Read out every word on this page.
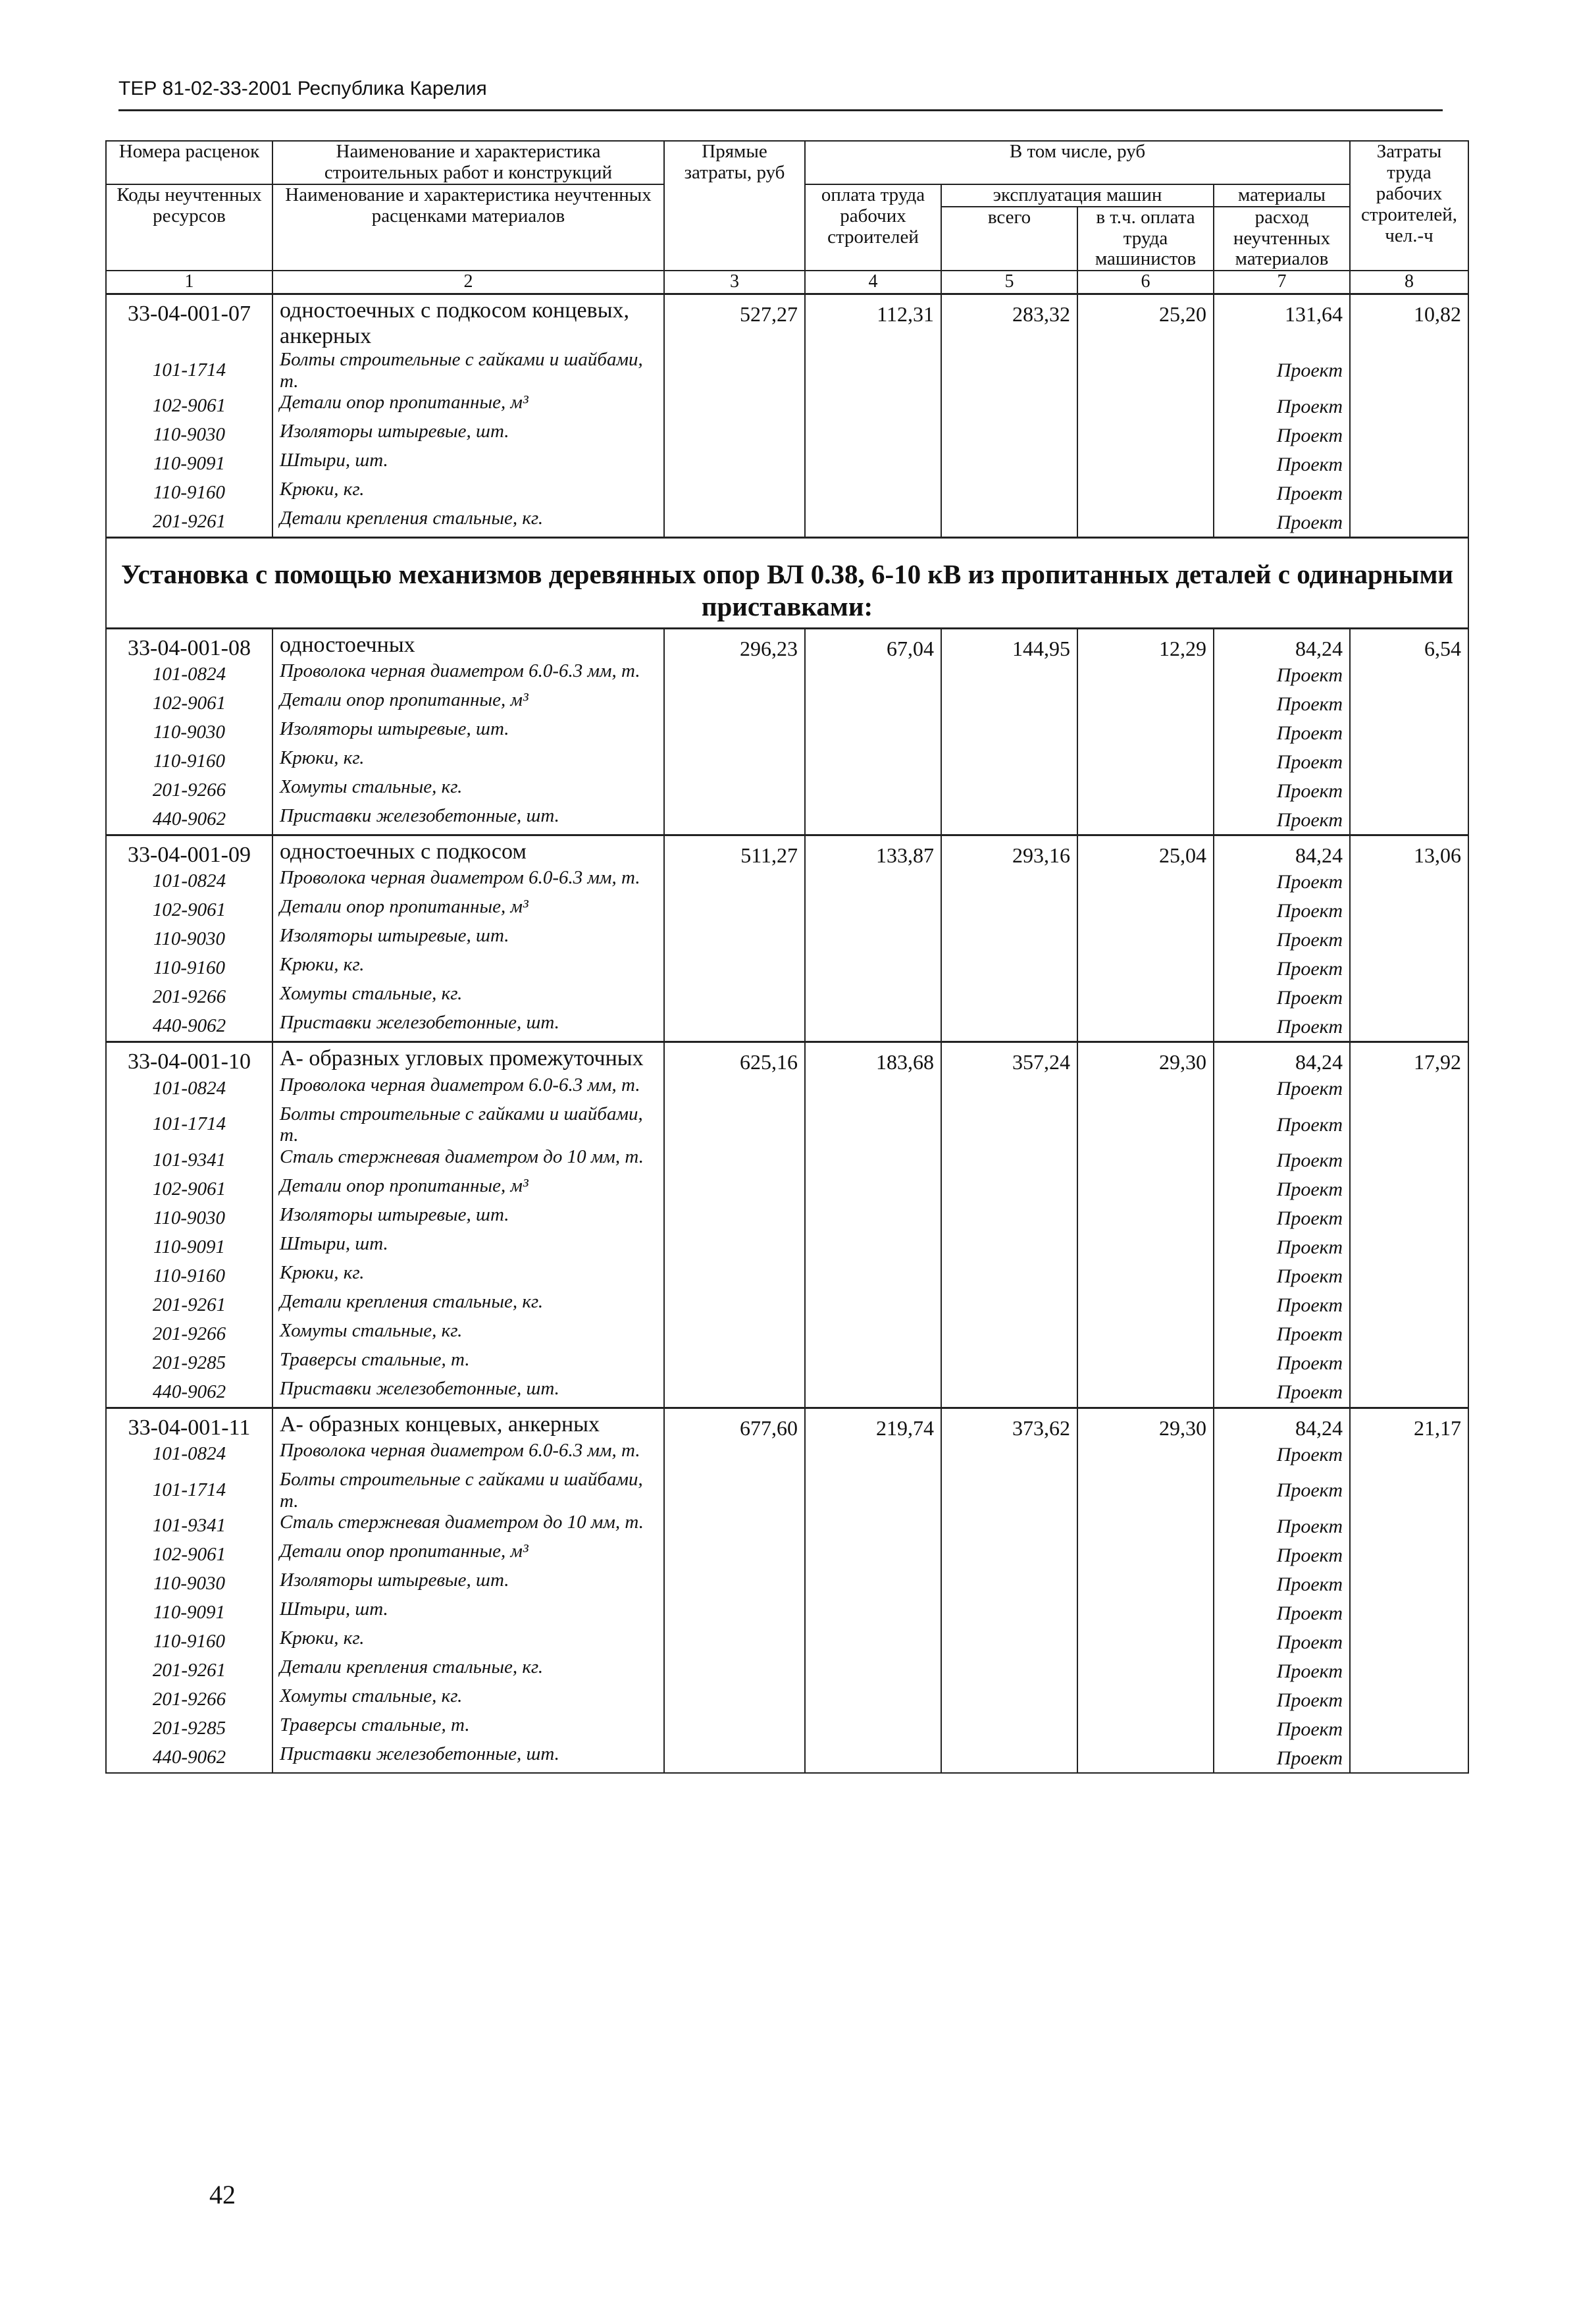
ТЕР 81-02-33-2001 Республика Карелия
Номера расценок	Наименование и характеристика строительных работ и конструкций	Прямые затраты, руб	В том числе, руб				Затраты труда рабочих строителей, чел.-ч
Коды неучтенных ресурсов	Наименование и характеристика неучтенных расценками материалов		оплата труда рабочих строителей	эксплуатация машин		материалы	
				всего	в т.ч. оплата труда машинистов	расход неучтенных материалов	
1	2	3	4	5	6	7	8
33-04-001-07	одностоечных с подкосом концевых, анкерных	527,27	112,31	283,32	25,20	131,64	10,82
101-1714	Болты строительные с гайками и шайбами, т.					Проект	
102-9061	Детали опор пропитанные, м³					Проект	
110-9030	Изоляторы штыревые, шт.					Проект	
110-9091	Штыри, шт.					Проект	
110-9160	Крюки, кг.					Проект	
201-9261	Детали крепления стальные, кг.					Проект	
Установка с помощью механизмов деревянных опор ВЛ 0.38, 6-10 кВ из пропитанных деталей с одинарными приставками:							
33-04-001-08	одностоечных	296,23	67,04	144,95	12,29	84,24	6,54
101-0824	Проволока черная диаметром 6.0-6.3 мм, т.					Проект	
102-9061	Детали опор пропитанные, м³					Проект	
110-9030	Изоляторы штыревые, шт.					Проект	
110-9160	Крюки, кг.					Проект	
201-9266	Хомуты стальные, кг.					Проект	
440-9062	Приставки железобетонные, шт.					Проект	
33-04-001-09	одностоечных с подкосом	511,27	133,87	293,16	25,04	84,24	13,06
101-0824	Проволока черная диаметром 6.0-6.3 мм, т.					Проект	
102-9061	Детали опор пропитанные, м³					Проект	
110-9030	Изоляторы штыревые, шт.					Проект	
110-9160	Крюки, кг.					Проект	
201-9266	Хомуты стальные, кг.					Проект	
440-9062	Приставки железобетонные, шт.					Проект	
33-04-001-10	А- образных угловых промежуточных	625,16	183,68	357,24	29,30	84,24	17,92
101-0824	Проволока черная диаметром 6.0-6.3 мм, т.					Проект	
101-1714	Болты строительные с гайками и шайбами, т.					Проект	
101-9341	Сталь стержневая диаметром до 10 мм, т.					Проект	
102-9061	Детали опор пропитанные, м³					Проект	
110-9030	Изоляторы штыревые, шт.					Проект	
110-9091	Штыри, шт.					Проект	
110-9160	Крюки, кг.					Проект	
201-9261	Детали крепления стальные, кг.					Проект	
201-9266	Хомуты стальные, кг.					Проект	
201-9285	Траверсы стальные, т.					Проект	
440-9062	Приставки железобетонные, шт.					Проект	
33-04-001-11	А- образных концевых, анкерных	677,60	219,74	373,62	29,30	84,24	21,17
101-0824	Проволока черная диаметром 6.0-6.3 мм, т.					Проект	
101-1714	Болты строительные с гайками и шайбами, т.					Проект	
101-9341	Сталь стержневая диаметром до 10 мм, т.					Проект	
102-9061	Детали опор пропитанные, м³					Проект	
110-9030	Изоляторы штыревые, шт.					Проект	
110-9091	Штыри, шт.					Проект	
110-9160	Крюки, кг.					Проект	
201-9261	Детали крепления стальные, кг.					Проект	
201-9266	Хомуты стальные, кг.					Проект	
201-9285	Траверсы стальные, т.					Проект	
440-9062	Приставки железобетонные, шт.					Проект	
42
